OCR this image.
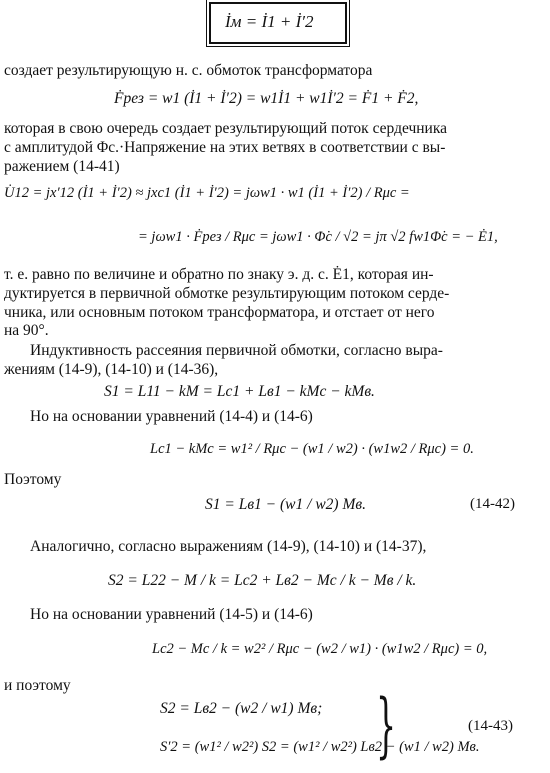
İм = İ1 + İ′2
создает результирующую н. с. обмоток трансформатора
Ḟрез = w1 (İ1 + İ′2) = w1İ1 + w1İ′2 = Ḟ1 + Ḟ2,
которая в свою очередь создает результирующий поток сердечника
с амплитудой Φс.·Напряжение на этих ветвях в соответствии с вы-
ражением (14-41)
U̇12 = jx′12 (İ1 + İ′2) ≈ jxс1 (İ1 + İ′2) = jωw1 · w1 (İ1 + İ′2) / Rμс =
= jωw1 · Ḟрез / Rμс = jωw1 · Φ̇с / √2 = jπ √2 fw1Φ̇с = − Ė1,
т. е. равно по величине и обратно по знаку э. д. с. Ė1, которая ин-
дуктируется в первичной обмотке результирующим потоком серде-
чника, или основным потоком трансформатора, и отстает от него
на 90°.
Индуктивность рассеяния первичной обмотки, согласно выра-
жениям (14-9), (14-10) и (14-36),
S1 = L11 − kM = Lс1 + Lв1 − kMс − kMв.
Но на основании уравнений (14-4) и (14-6)
Lс1 − kMс = w1² / Rμс − (w1 / w2) · (w1w2 / Rμс) = 0.
Поэтому
S1 = Lв1 − (w1 / w2) Mв.	(14-42)
Аналогично, согласно выражениям (14-9), (14-10) и (14-37),
S2 = L22 − M / k = Lс2 + Lв2 − Mс / k − Mв / k.
Но на основании уравнений (14-5) и (14-6)
Lс2 − Mс / k = w2² / Rμс − (w2 / w1) · (w1w2 / Rμс) = 0,
и поэтому
S2 = Lв2 − (w2 / w1) Mв;
S′2 = (w1² / w2²) S2 = (w1² / w2²) Lв2 − (w1 / w2) Mв.
}	(14-43)
